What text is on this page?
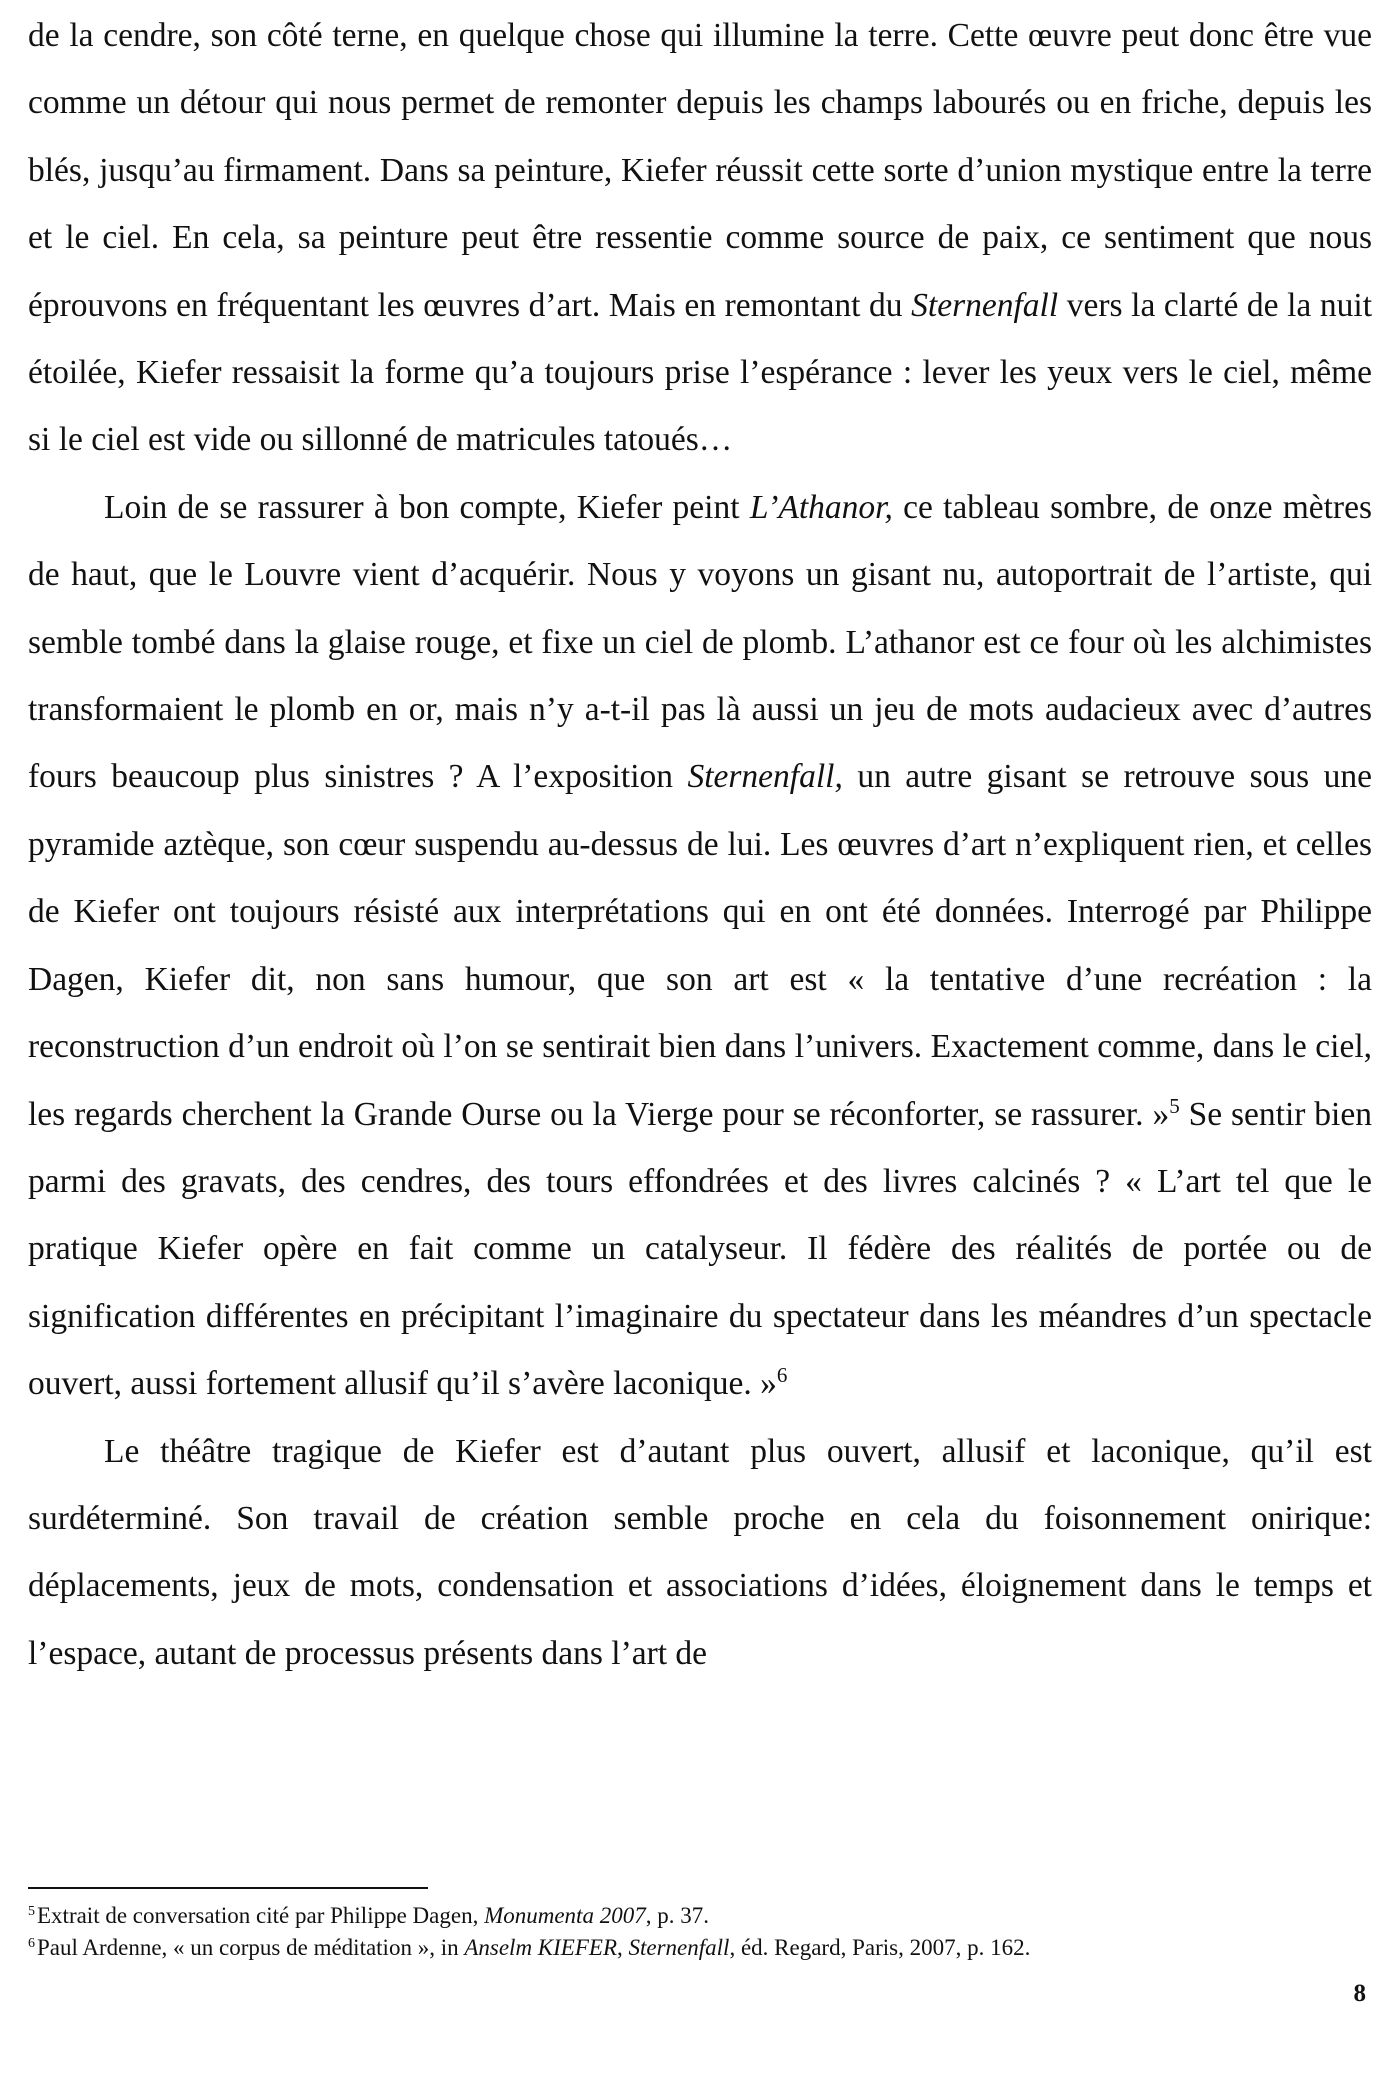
de la cendre, son côté terne, en quelque chose qui illumine la terre. Cette œuvre peut donc être vue comme un détour qui nous permet de remonter depuis les champs labourés ou en friche, depuis les blés, jusqu’au firmament. Dans sa peinture, Kiefer réussit cette sorte d’union mystique entre la terre et le ciel. En cela, sa peinture peut être ressentie comme source de paix, ce sentiment que nous éprouvons en fréquentant les œuvres d’art. Mais en remontant du Sternenfall vers la clarté de la nuit étoilée, Kiefer ressaisit la forme qu’a toujours prise l’espérance : lever les yeux vers le ciel, même si le ciel est vide ou sillonné de matricules tatoués…

Loin de se rassurer à bon compte, Kiefer peint L’Athanor, ce tableau sombre, de onze mètres de haut, que le Louvre vient d’acquérir. Nous y voyons un gisant nu, autoportrait de l’artiste, qui semble tombé dans la glaise rouge, et fixe un ciel de plomb. L’athanor est ce four où les alchimistes transformaient le plomb en or, mais n’y a-t-il pas là aussi un jeu de mots audacieux avec d’autres fours beaucoup plus sinistres ? A l’exposition Sternenfall, un autre gisant se retrouve sous une pyramide aztèque, son cœur suspendu au-dessus de lui. Les œuvres d’art n’expliquent rien, et celles de Kiefer ont toujours résisté aux interprétations qui en ont été données. Interrogé par Philippe Dagen, Kiefer dit, non sans humour, que son art est « la tentative d’une recréation : la reconstruction d’un endroit où l’on se sentirait bien dans l’univers. Exactement comme, dans le ciel, les regards cherchent la Grande Ourse ou la Vierge pour se réconforter, se rassurer. »$^5$ Se sentir bien parmi des gravats, des cendres, des tours effondrées et des livres calcinés ? « L’art tel que le pratique Kiefer opère en fait comme un catalyseur. Il fédère des réalités de portée ou de signification différentes en précipitant l’imaginaire du spectateur dans les méandres d’un spectacle ouvert, aussi fortement allusif qu’il s’avère laconique. »$^6$

Le théâtre tragique de Kiefer est d’autant plus ouvert, allusif et laconique, qu’il est surdéterminé. Son travail de création semble proche en cela du foisonnement onirique: déplacements, jeux de mots, condensation et associations d’idées, éloignement dans le temps et l’espace, autant de processus présents dans l’art de

$^5$Extrait de conversation cité par Philippe Dagen, Monumenta 2007, p. 37.
$^6$Paul Ardenne, « un corpus de méditation », in Anselm KIEFER, Sternenfall, éd. Regard, Paris, 2007, p. 162.
8
